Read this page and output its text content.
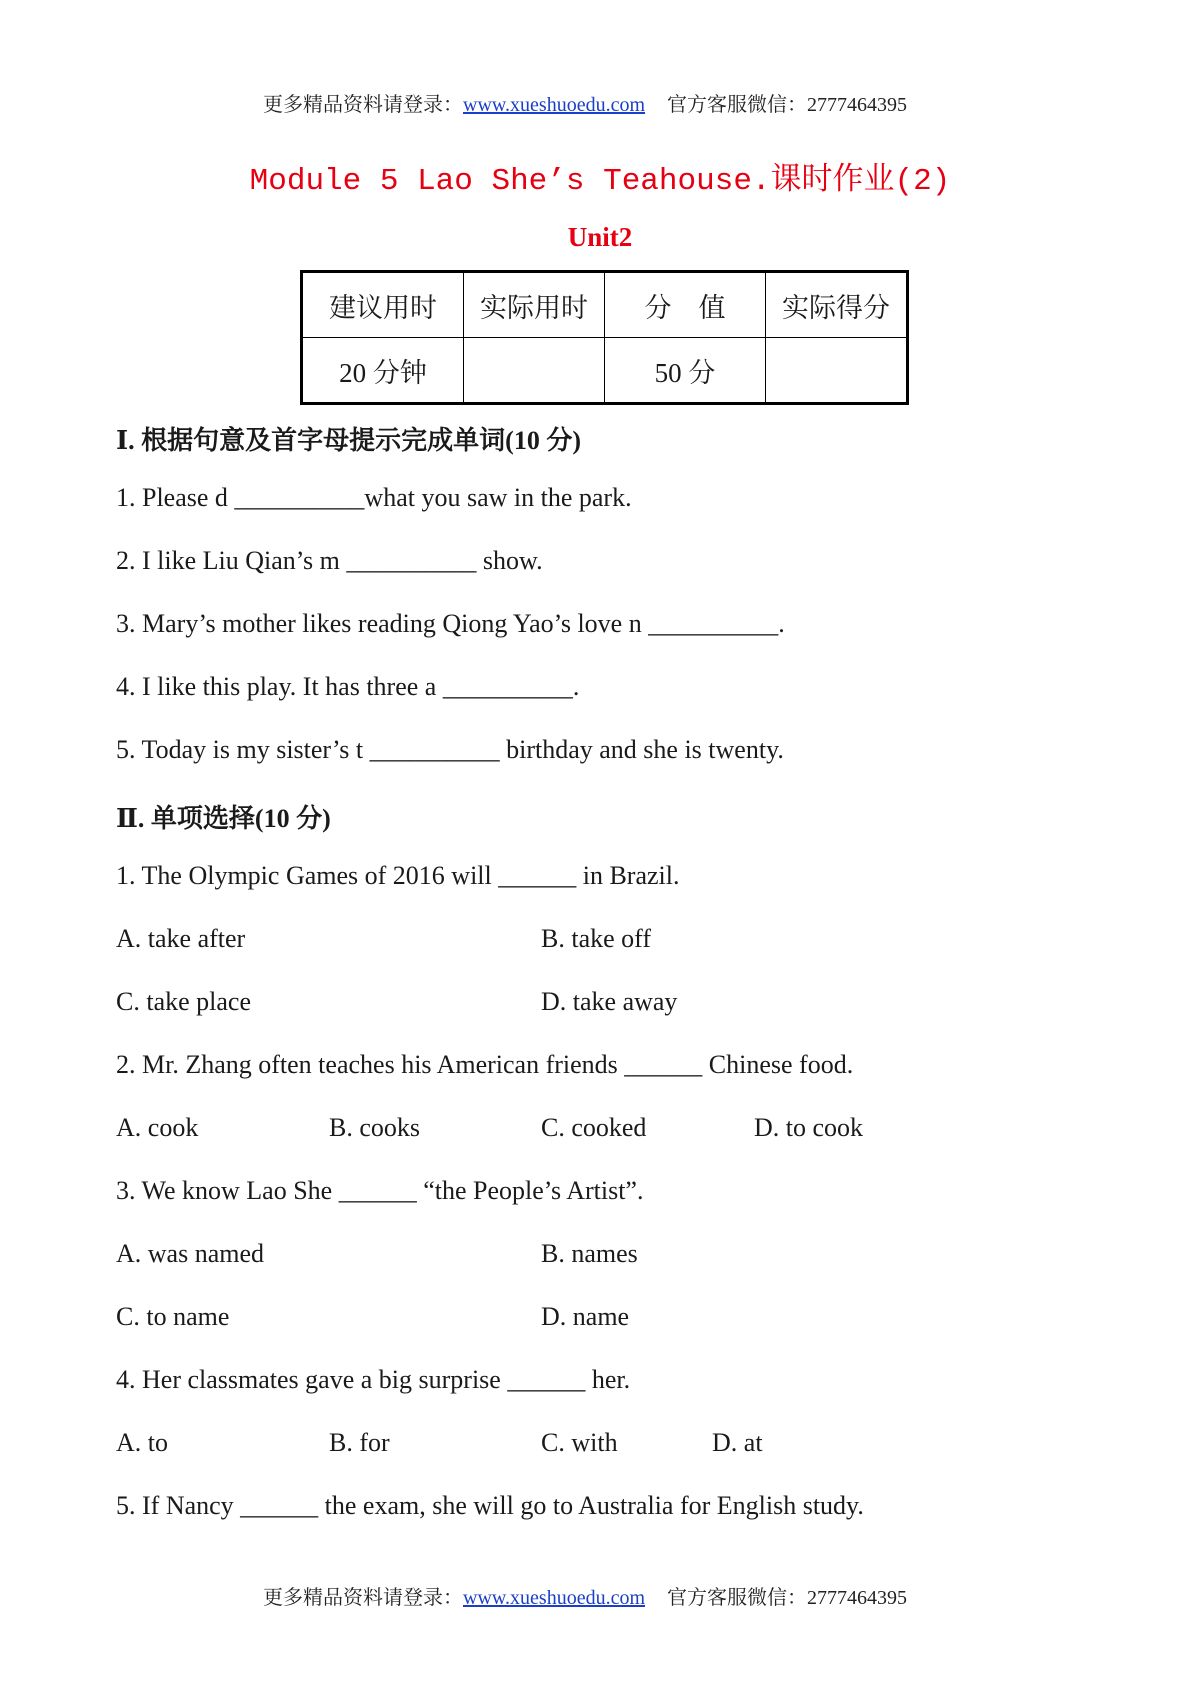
更多精品资料请登录：www.xueshuoedu.com 官方客服微信：2777464395
Module 5 Lao She’s Teahouse.课时作业(2)
Unit2
建议用时	实际用时	分　值	实际得分
20 分钟		50 分	
Ⅰ. 根据句意及首字母提示完成单词(10 分)
1. Please d __________what you saw in the park.
2. I like Liu Qian’s m __________ show.
3. Mary’s mother likes reading Qiong Yao’s love n __________.
4. I like this play. It has three a __________.
5. Today is my sister’s t __________ birthday and she is twenty.
Ⅱ. 单项选择(10 分)
1. The Olympic Games of 2016 will ______ in Brazil.
A. take after	B. take off
C. take place	D. take away
2. Mr. Zhang often teaches his American friends ______ Chinese food.
A. cook	B. cooks	C. cooked	D. to cook
3. We know Lao She ______ “the People’s Artist”.
A. was named	B. names
C. to name	D. name
4. Her classmates gave a big surprise ______ her.
A. to	B. for	C. with	D. at
5. If Nancy ______ the exam, she will go to Australia for English study.
更多精品资料请登录：www.xueshuoedu.com 官方客服微信：2777464395
